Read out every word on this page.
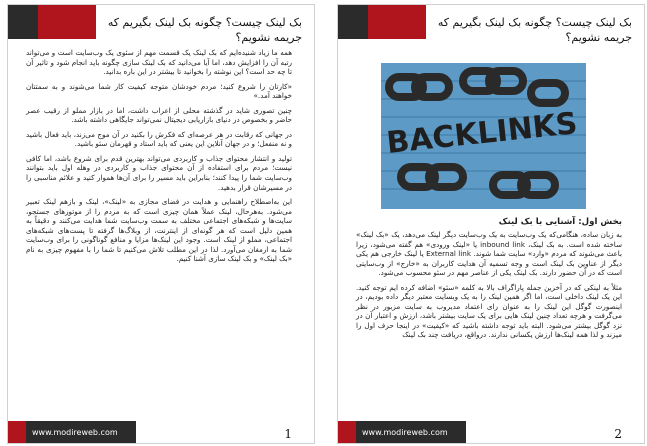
بک لینک چیست؟ چگونه بک لینک بگیریم که جریمه نشویم؟

همه ما زیاد شنیده‌ایم که بک لینک یک قسمت مهم از سئوی یک وب‌سایت است و می‌تواند رتبه آن را افزایش دهد، اما آیا می‌دانید که بک لینک سازی چگونه باید انجام شود و تاثیر آن تا چه حد است؟ این نوشته را بخوانید تا بیشتر در این باره بدانید.

«کارتان را شروع کنید؛ مردم خودشان متوجه کیفیت کار شما می‌شوند و به سمتتان خواهند آمد.»

چنین تصوری شاید در گذشته محلی از اعراب داشت، اما در بازار مملو از رقیب عصر حاضر و بخصوص در دنیای بازاریابی دیجیتال نمی‌تواند جایگاهی داشته باشد.

در جهانی که رقابت در هر عرصه‌ای که فکرش را بکنید در آن موج می‌زند، باید فعال باشید و نه منفعل؛ و در جهان آنلاین این یعنی که باید استاد و قهرمان سئو باشید.

تولید و انتشار محتوای جذاب و کاربردی می‌تواند بهترین قدم برای شروع باشد، اما کافی نیست؛ مردم برای استفاده از آن محتوای جذاب و کاربردی در وهله اول باید بتوانند وب‌سایت شما را پیدا کنند؛ بنابراین باید مسیر را برای آن‌ها هموار کنید و علائم مناسبی را در مسیرشان قرار بدهید.

این به‌اصطلاح راهنمایی و هدایت در فضای مجازی به «لینک»، لینک و بازهم لینک تعبیر می‌شود. به‌هرحال، لینک عملاً همان چیزی است که به مردم را از موتورهای جستجو، سایت‌ها و شبکه‌های اجتماعی مختلف به سمت وب‌سایت شما هدایت می‌کنند و دقیقاً به همین دلیل است که هر گونه‌ای از اینترنت، از وبلاگ‌ها گرفته تا پست‌های شبکه‌های اجتماعی، مملو از لینک است. وجود این لینک‌ها مزایا و منافع گوناگونی را برای وب‌سایت شما به ارمغان می‌آورد. لذا در این مطلب تلاش می‌کنیم تا شما را با مفهوم چیزی به نام «بک لینک» و بک لینک سازی آشنا کنیم.

www.modireweb.com	1
بک لینک چیست؟ چگونه بک لینک بگیریم که جریمه نشویم؟
BACKLINKS
بخش اول: آشنایی با بک لینک

به زبان ساده، هنگامی‌که یک وب‌سایت به یک وب‌سایت دیگر لینک می‌دهد، یک «بک لینک» ساخته شده است. به بک لینک، inbound link یا «لینک ورودی» هم گفته می‌شود، زیرا باعث می‌شوند که مردم «وارد» سایت شما شوند. External link یا لینک خارجی هم یکی دیگر از عناوین بک لینک است و وجه تسمیه آن هدایت کاربران به «خارج» از وب‌سایتی است که در آن حضور دارند. بک لینک یکی از عناصر مهم در سئو محسوب می‌شود.

مثلاً به لینکی که در آخرین جمله پاراگراف بالا به کلمه «سئو» اضافه کرده ایم توجه کنید. این یک لینک داخلی است، اما اگر همین لینک را به یک وبسایت معتبر دیگر داده بودیم، در اینصورت گوگل این لینک را به عنوان رای اعتماد مدیروب به سایت مزبور در نظر می‌گرفت و هرچه تعداد چنین لینک هایی برای یک سایت بیشتر باشد، ارزش و اعتبار آن در نزد گوگل بیشتر می‌شود. البته باید توجه داشته باشید که «کیفیت» در اینجا حرف اول را میزند و لذا همه لینک‌ها ارزش یکسانی ندارند. درواقع، دریافت چند بک لینک

www.modireweb.com	2
